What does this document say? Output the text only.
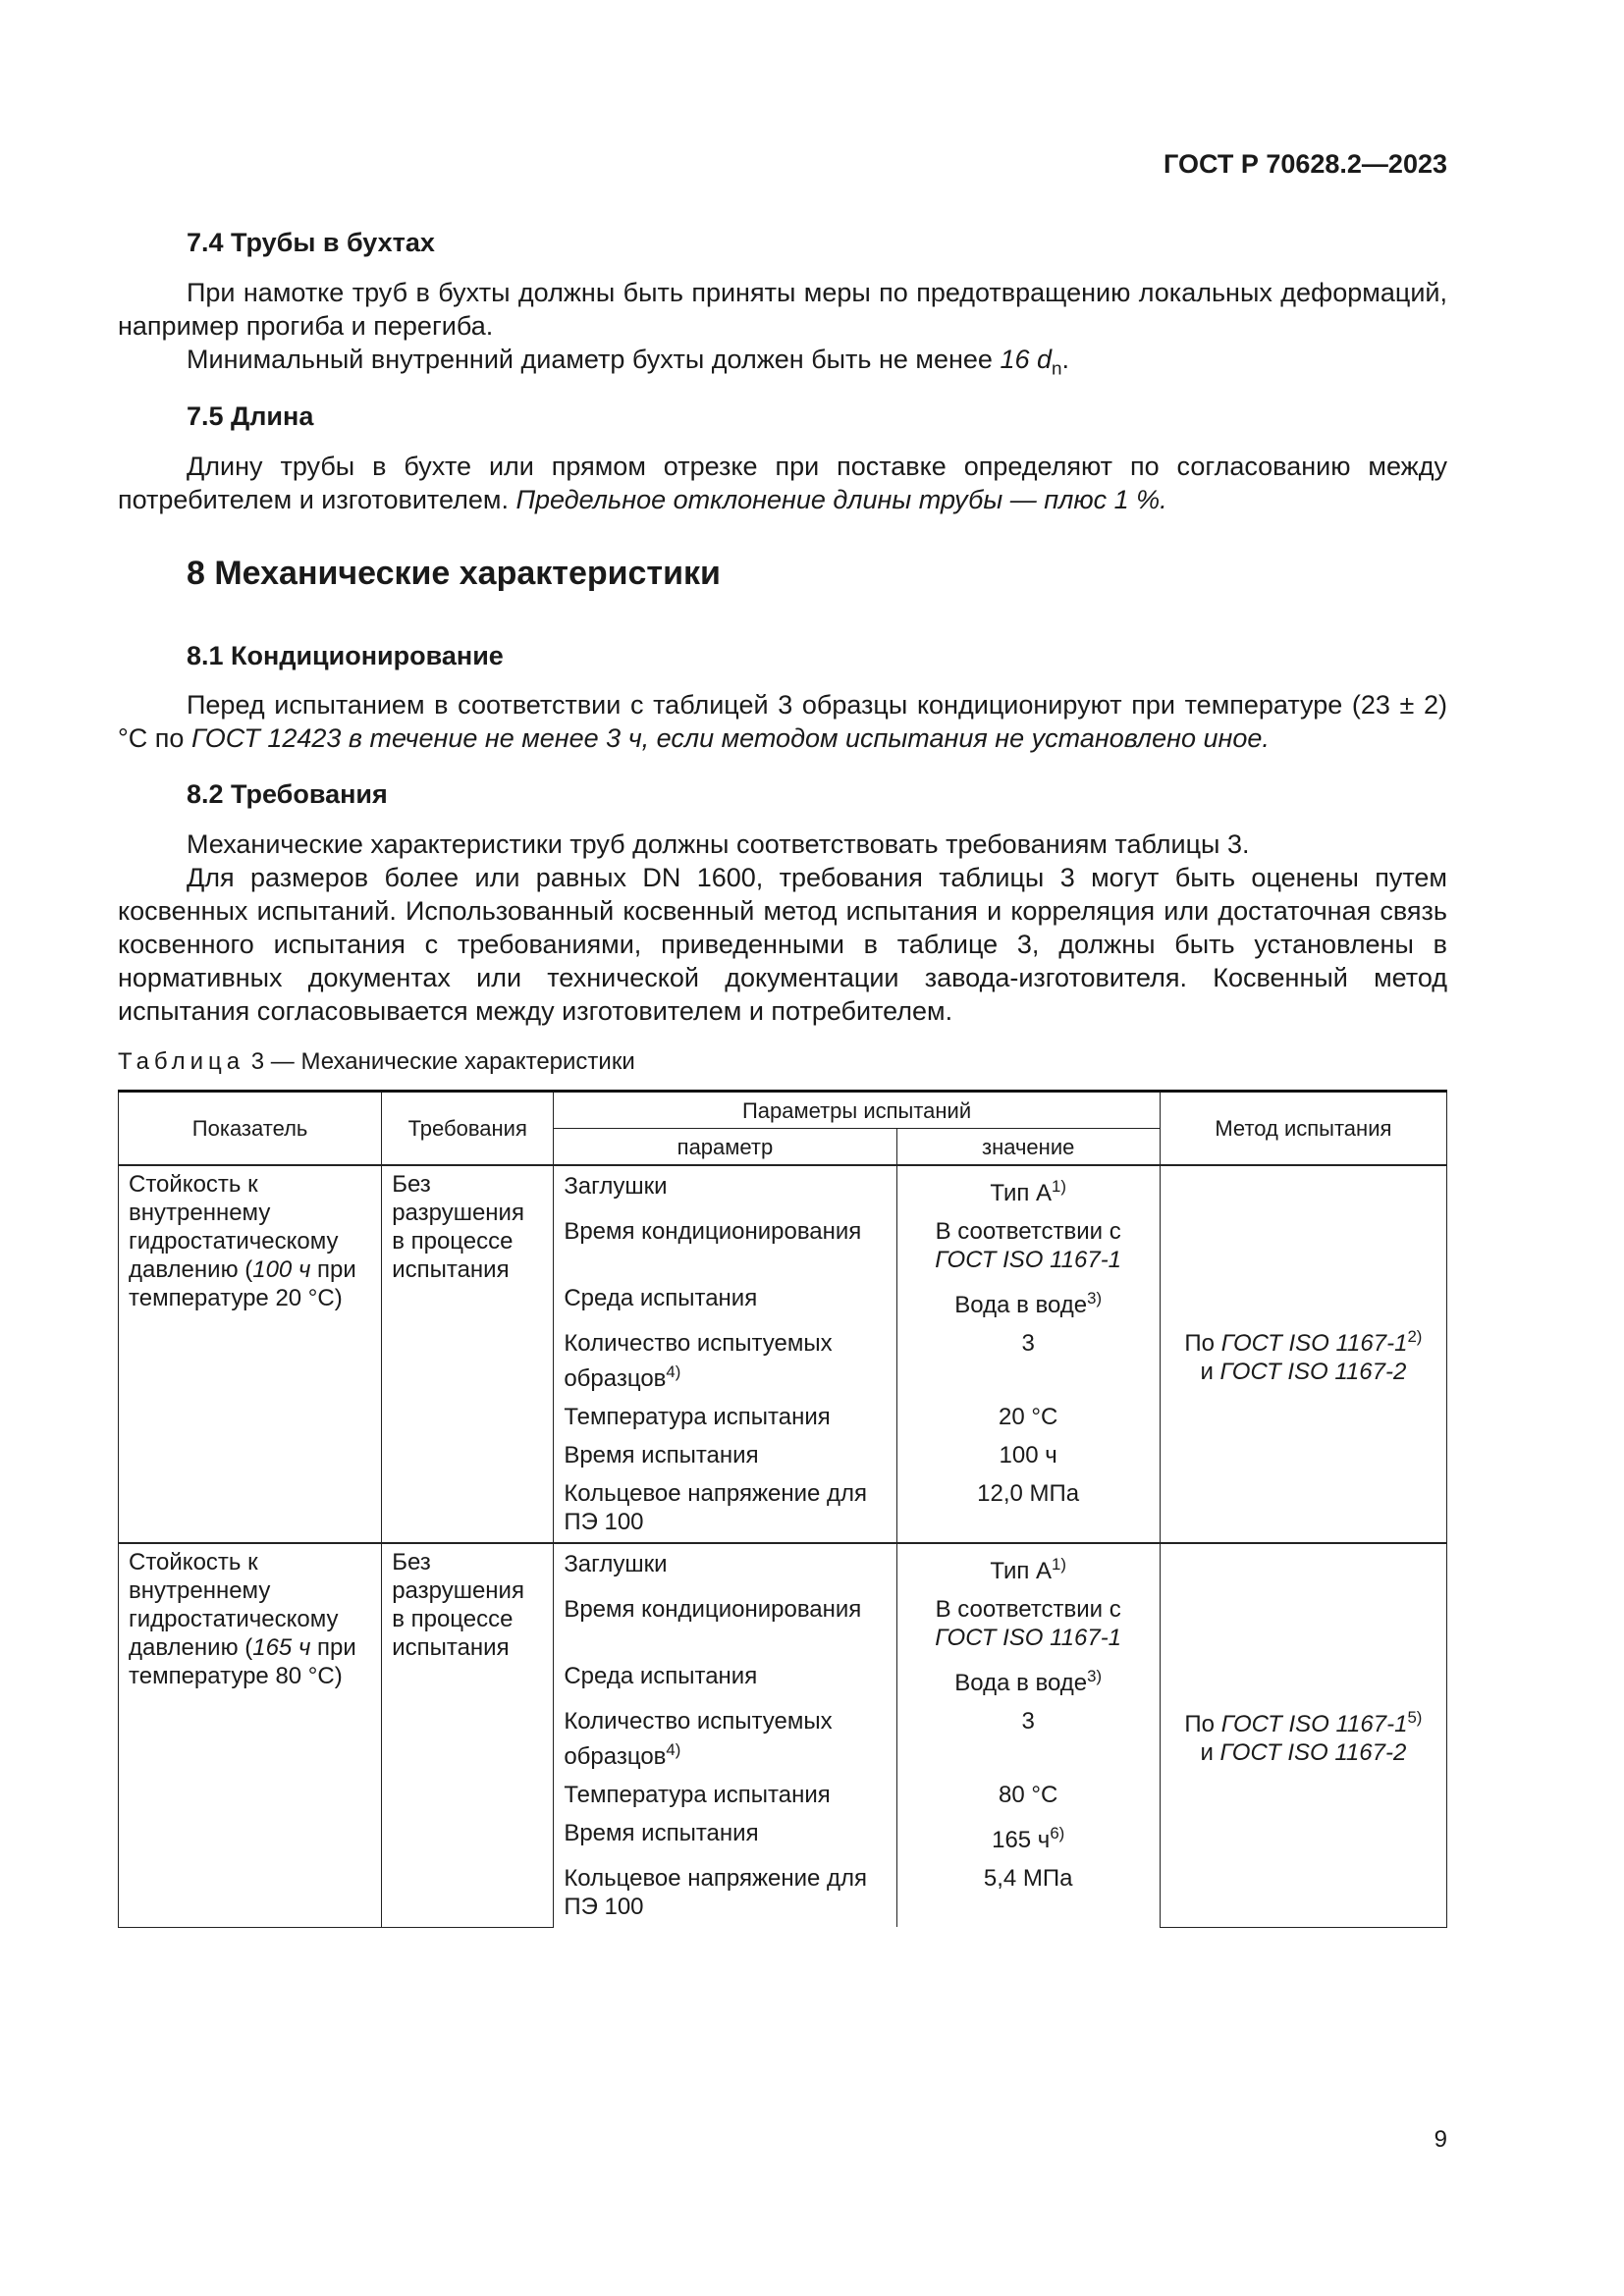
ГОСТ Р 70628.2—2023
7.4 Трубы в бухтах
При намотке труб в бухты должны быть приняты меры по предотвращению локальных деформаций, например прогиба и перегиба.
Минимальный внутренний диаметр бухты должен быть не менее 16 $d_n$.
7.5 Длина
Длину трубы в бухте или прямом отрезке при поставке определяют по согласованию между потребителем и изготовителем. Предельное отклонение длины трубы — плюс 1 %.
8 Механические характеристики
8.1 Кондиционирование
Перед испытанием в соответствии с таблицей 3 образцы кондиционируют при температуре (23 ± 2) °С по ГОСТ 12423 в течение не менее 3 ч, если методом испытания не установлено иное.
8.2 Требования
Механические характеристики труб должны соответствовать требованиям таблицы 3.
Для размеров более или равных DN 1600, требования таблицы 3 могут быть оценены путем косвенных испытаний. Использованный косвенный метод испытания и корреляция или достаточная связь косвенного испытания с требованиями, приведенными в таблице 3, должны быть установлены в нормативных документах или технической документации завода-изготовителя. Косвенный метод испытания согласовывается между изготовителем и потребителем.
Таблица 3 — Механические характеристики
Показатель	Требования	Параметры испытаний		Метод испытания
		параметр	значение	
Стойкость к внутреннему гидростатическому давлению (100 ч при температуре 20 °С)	Без разрушения в процессе испытания	Заглушки	Тип $А^{1)}$	По ГОСТ ISO 1167-1$^{2)}$
и ГОСТ ISO 1167-2
		Время кондиционирования	В соответствии с
ГОСТ ISO 1167-1	
		Среда испытания	Вода в воде$^{3)}$
		Количество испытуемых образцов$^{4)}$	3	
		Температура испытания	20 °С	
		Время испытания	100 ч	
		Кольцевое напряжение для ПЭ 100	12,0 МПа	
Стойкость к внутреннему гидростатическому давлению (165 ч при температуре 80 °С)	Без разрушения в процессе испытания	Заглушки	Тип $А^{1)}$	По ГОСТ ISO 1167-1$^{5)}$
и ГОСТ ISO 1167-2
		Время кондиционирования	В соответствии с
ГОСТ ISO 1167-1	
		Среда испытания	Вода в воде$^{3)}$
		Количество испытуемых образцов$^{4)}$	3	
		Температура испытания	80 °С	
		Время испытания	165 $ч^{6)}$
		Кольцевое напряжение для ПЭ 100	5,4 МПа	
9
